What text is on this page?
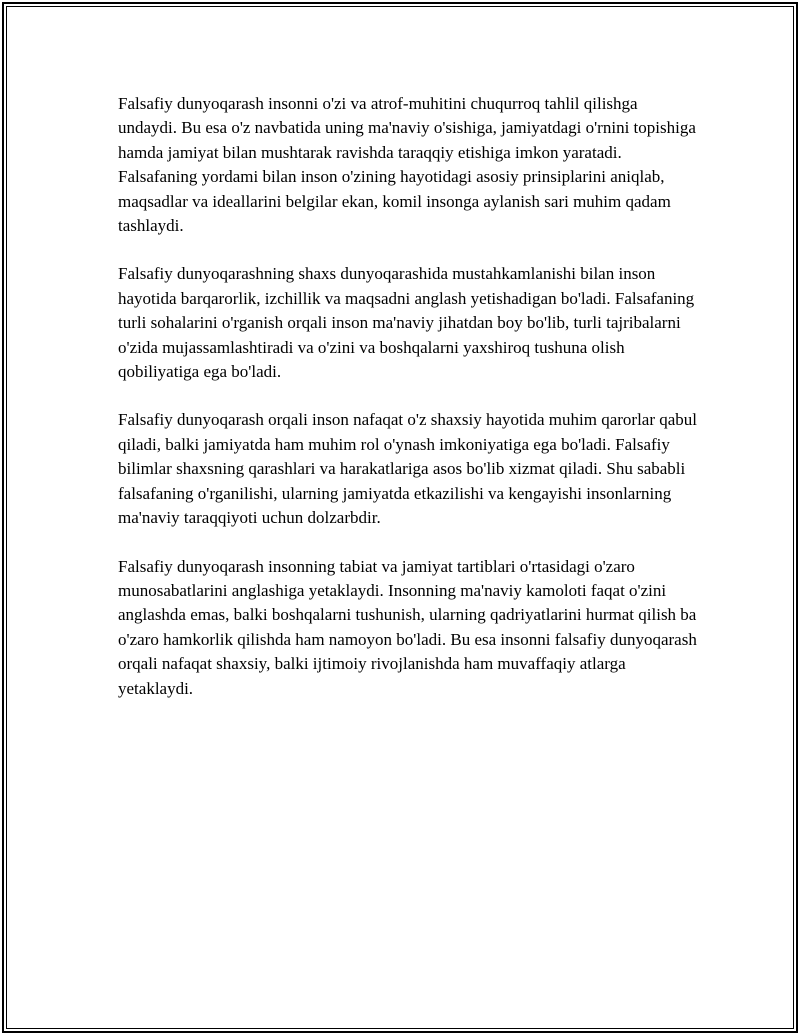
Falsafiy dunyoqarash insonni o'zi va atrof-muhitini chuqurroq tahlil qilishga undaydi. Bu esa o'z navbatida uning ma'naviy o'sishiga, jamiyatdagi o'rnini topishiga hamda jamiyat bilan mushtarak ravishda taraqqiy etishiga imkon yaratadi. Falsafaning yordami bilan inson o'zining hayotidagi asosiy prinsiplarini aniqlab, maqsadlar va ideallarini belgilar ekan, komil insonga aylanish sari muhim qadam tashlaydi.

Falsafiy dunyoqarashning shaxs dunyoqarashida mustahkamlanishi bilan inson hayotida barqarorlik, izchillik va maqsadni anglash yetishadigan bo'ladi. Falsafaning turli sohalarini o'rganish orqali inson ma'naviy jihatdan boy bo'lib, turli tajribalarni o'zida mujassamlashtiradi va o'zini va boshqalarni yaxshiroq tushuna olish qobiliyatiga ega bo'ladi.

Falsafiy dunyoqarash orqali inson nafaqat o'z shaxsiy hayotida muhim qarorlar qabul qiladi, balki jamiyatda ham muhim rol o'ynash imkoniyatiga ega bo'ladi. Falsafiy bilimlar shaxsning qarashlari va harakatlariga asos bo'lib xizmat qiladi. Shu sababli falsafaning o'rganilishi, ularning jamiyatda etkazilishi va kengayishi insonlarning ma'naviy taraqqiyoti uchun dolzarbdir.

Falsafiy dunyoqarash insonning tabiat va jamiyat tartiblari o'rtasidagi o'zaro munosabatlarini anglashiga yetaklaydi. Insonning ma'naviy kamoloti faqat o'zini anglashda emas, balki boshqalarni tushunish, ularning qadriyatlarini hurmat qilish ba o'zaro hamkorlik qilishda ham namoyon bo'ladi. Bu esa insonni falsafiy dunyoqarash orqali nafaqat shaxsiy, balki ijtimoiy rivojlanishda ham muvaffaqiy atlarga yetaklaydi.
